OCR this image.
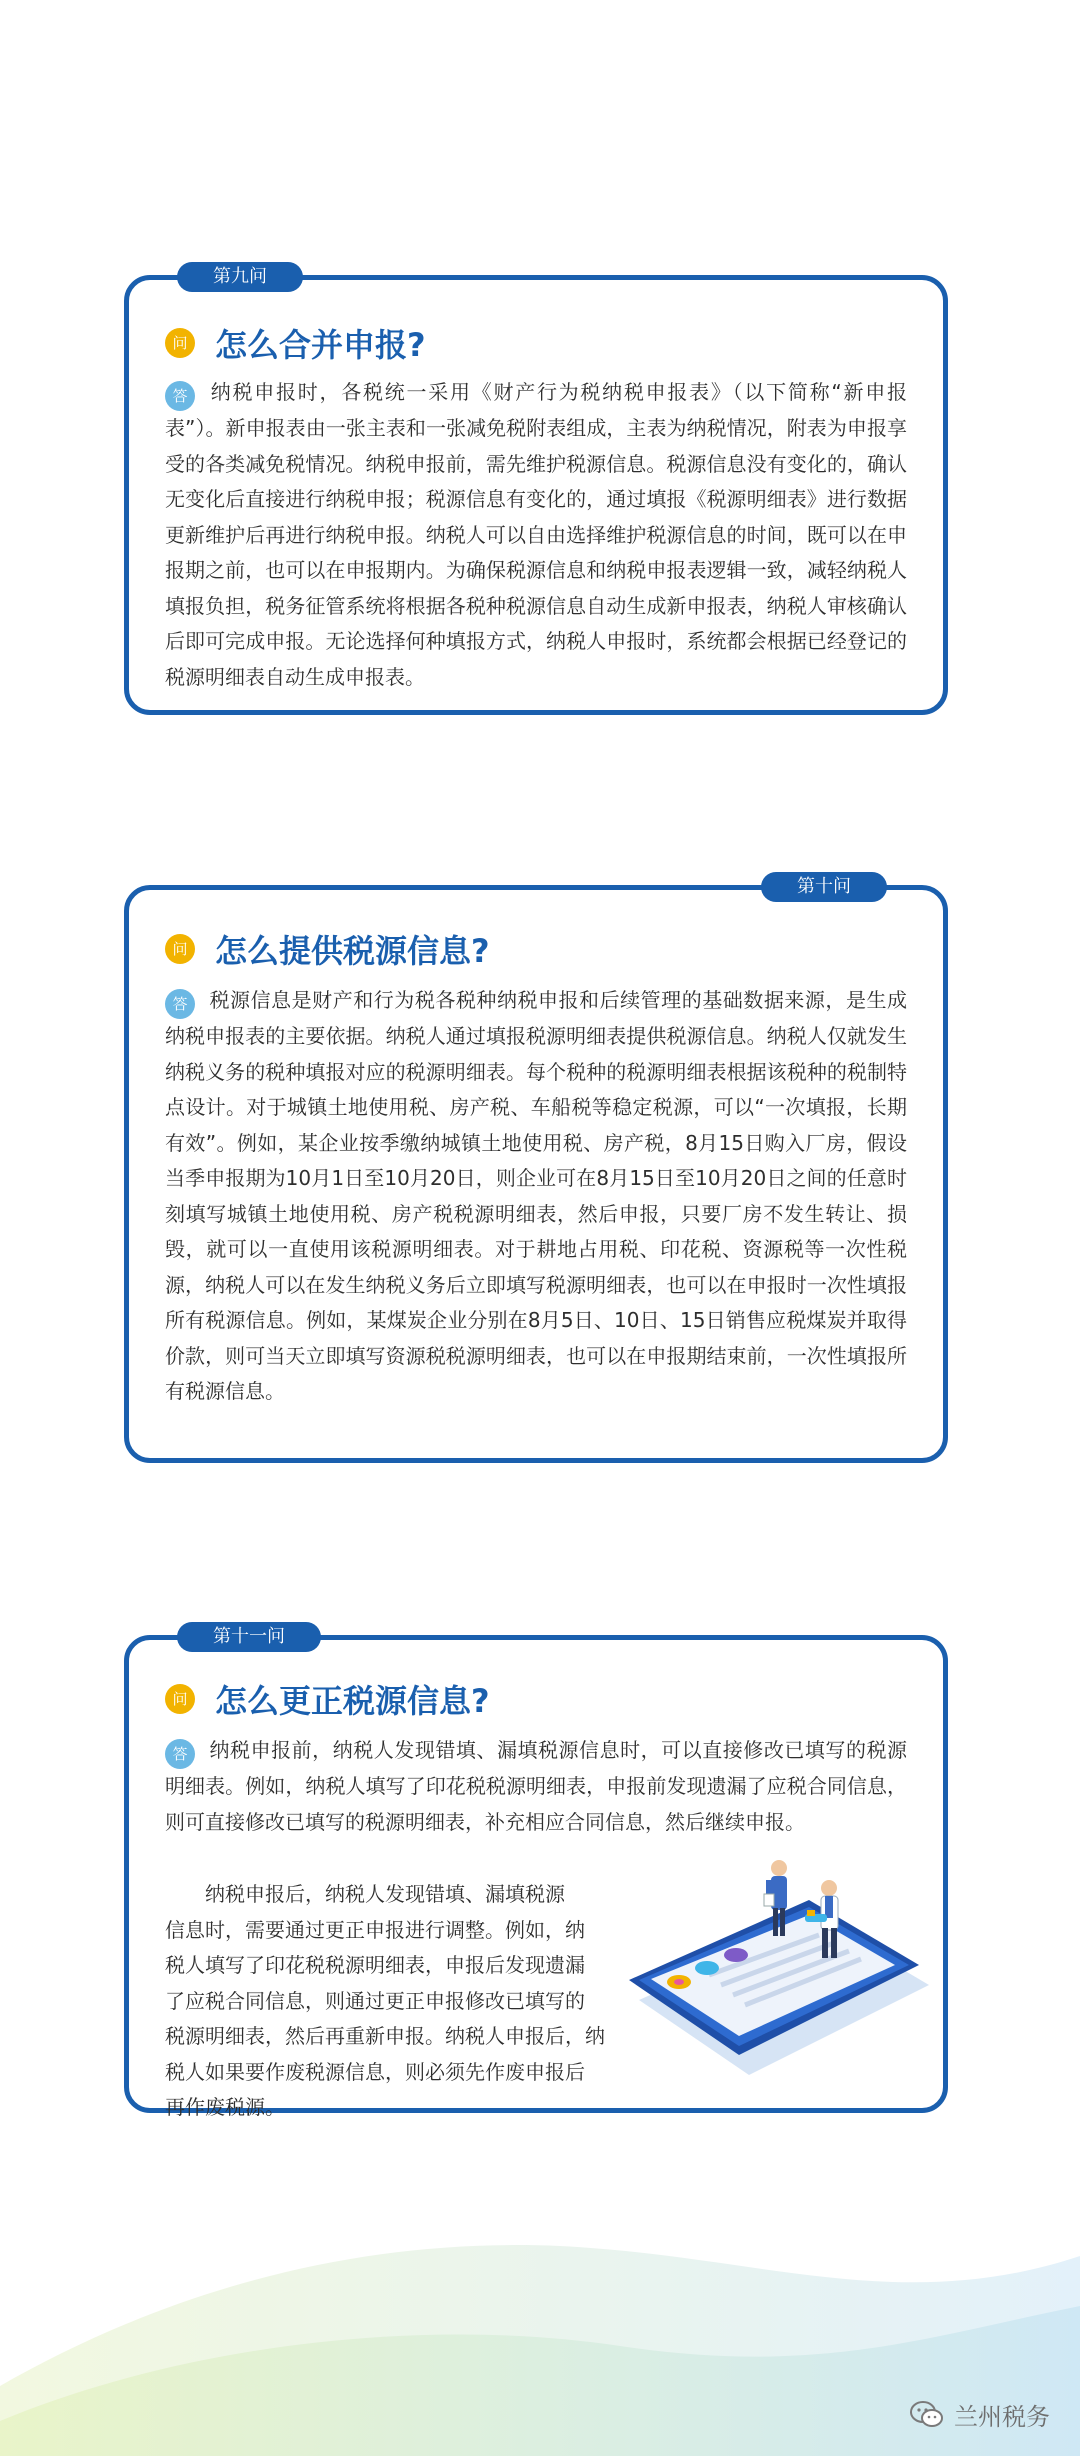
第九问
问 怎么合并申报?
答 纳税申报时，各税统一采用《财产行为税纳税申报表》（以下简称“新申报表”）。新申报表由一张主表和一张减免税附表组成，主表为纳税情况，附表为申报享受的各类减免税情况。纳税申报前，需先维护税源信息。税源信息没有变化的，确认无变化后直接进行纳税申报；税源信息有变化的，通过填报《税源明细表》进行数据更新维护后再进行纳税申报。纳税人可以自由选择维护税源信息的时间，既可以在申报期之前，也可以在申报期内。为确保税源信息和纳税申报表逻辑一致，减轻纳税人填报负担，税务征管系统将根据各税种税源信息自动生成新申报表，纳税人审核确认后即可完成申报。无论选择何种填报方式，纳税人申报时，系统都会根据已经登记的税源明细表自动生成申报表。
第十问
问 怎么提供税源信息?
答 税源信息是财产和行为税各税种纳税申报和后续管理的基础数据来源，是生成纳税申报表的主要依据。纳税人通过填报税源明细表提供税源信息。纳税人仅就发生纳税义务的税种填报对应的税源明细表。每个税种的税源明细表根据该税种的税制特点设计。对于城镇土地使用税、房产税、车船税等稳定税源，可以“一次填报，长期有效”。例如，某企业按季缴纳城镇土地使用税、房产税，8月15日购入厂房，假设当季申报期为10月1日至10月20日，则企业可在8月15日至10月20日之间的任意时刻填写城镇土地使用税、房产税税源明细表，然后申报，只要厂房不发生转让、损毁，就可以一直使用该税源明细表。对于耕地占用税、印花税、资源税等一次性税源，纳税人可以在发生纳税义务后立即填写税源明细表，也可以在申报时一次性填报所有税源信息。例如，某煤炭企业分别在8月5日、10日、15日销售应税煤炭并取得价款，则可当天立即填写资源税税源明细表，也可以在申报期结束前，一次性填报所有税源信息。
第十一问
问 怎么更正税源信息?
答 纳税申报前，纳税人发现错填、漏填税源信息时，可以直接修改已填写的税源明细表。例如，纳税人填写了印花税税源明细表，申报前发现遗漏了应税合同信息，则可直接修改已填写的税源明细表，补充相应合同信息，然后继续申报。
纳税申报后，纳税人发现错填、漏填税源
信息时，需要通过更正申报进行调整。例如，纳
税人填写了印花税税源明细表，申报后发现遗漏
了应税合同信息，则通过更正申报修改已填写的
税源明细表，然后再重新申报。纳税人申报后，纳
税人如果要作废税源信息，则必须先作废申报后
再作废税源。
兰州税务
